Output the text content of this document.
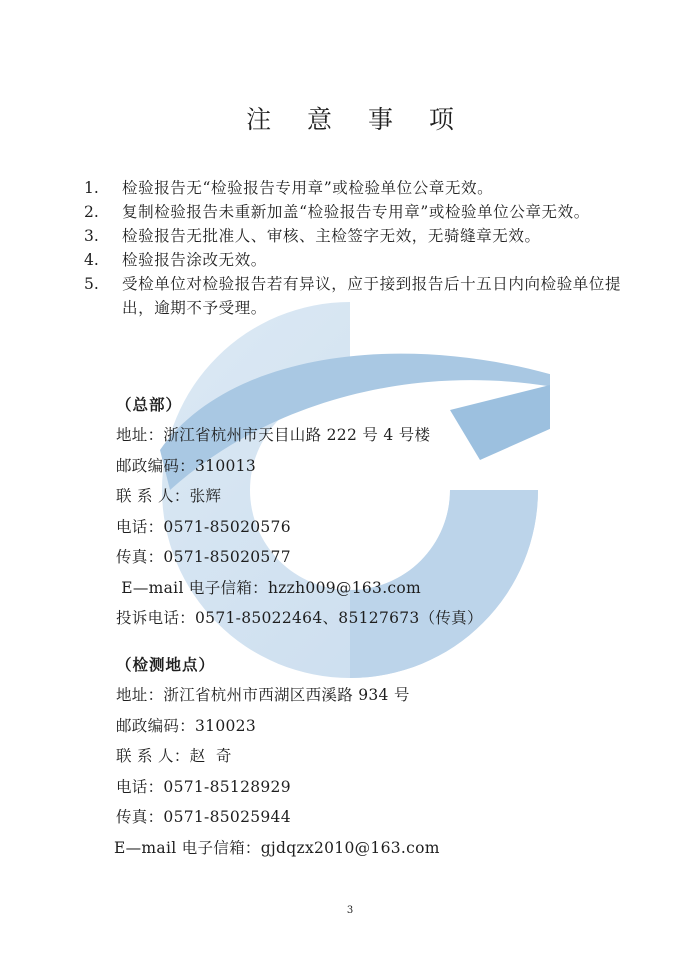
注 意 事 项
1.	检验报告无“检验报告专用章”或检验单位公章无效。
2.	复制检验报告未重新加盖“检验报告专用章”或检验单位公章无效。
3.	检验报告无批准人、审核、主检签字无效，无骑缝章无效。
4.	检验报告涂改无效。
5.	受检单位对检验报告若有异议，应于接到报告后十五日内向检验单位提出，逾期不予受理。
（总部）
地址：浙江省杭州市天目山路 222 号 4 号楼
邮政编码：310013
联 系 人：张辉
电话：0571-85020576
传真：0571-85020577
E—mail 电子信箱：hzzh009@163.com
投诉电话：0571-85022464、85127673（传真）
（检测地点）
地址：浙江省杭州市西湖区西溪路 934 号
邮政编码：310023
联 系 人：赵  奇
电话：0571-85128929
传真：0571-85025944
E—mail 电子信箱：gjdqzx2010@163.com
3
